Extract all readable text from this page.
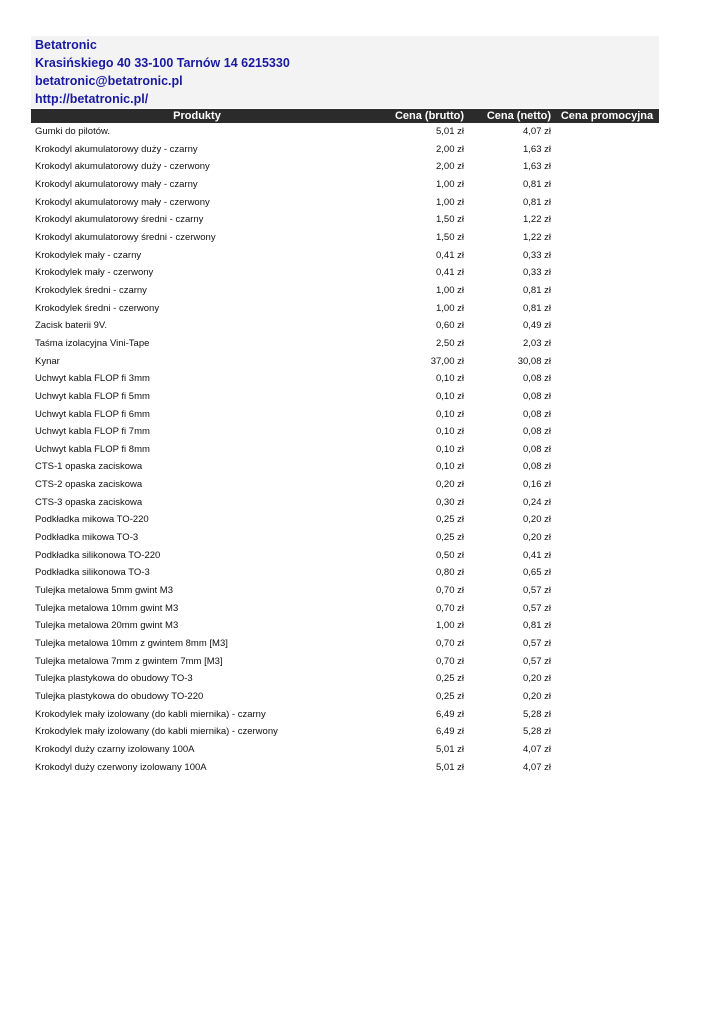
Betatronic
Krasińskiego 40 33-100 Tarnów 14 6215330
betatronic@betatronic.pl
http://betatronic.pl/
Produkty	Cena (brutto)	Cena (netto)	Cena promocyjna
Gumki do pilotów.	5,01 zł	4,07 zł	
Krokodyl akumulatorowy duży - czarny	2,00 zł	1,63 zł	
Krokodyl akumulatorowy duży - czerwony	2,00 zł	1,63 zł	
Krokodyl akumulatorowy mały - czarny	1,00 zł	0,81 zł	
Krokodyl akumulatorowy mały - czerwony	1,00 zł	0,81 zł	
Krokodyl akumulatorowy średni - czarny	1,50 zł	1,22 zł	
Krokodyl akumulatorowy średni - czerwony	1,50 zł	1,22 zł	
Krokodylek mały - czarny	0,41 zł	0,33 zł	
Krokodylek mały - czerwony	0,41 zł	0,33 zł	
Krokodylek średni - czarny	1,00 zł	0,81 zł	
Krokodylek średni - czerwony	1,00 zł	0,81 zł	
Zacisk baterii 9V.	0,60 zł	0,49 zł	
Taśma izolacyjna Vini-Tape	2,50 zł	2,03 zł	
Kynar	37,00 zł	30,08 zł	
Uchwyt kabla FLOP fi 3mm	0,10 zł	0,08 zł	
Uchwyt kabla FLOP fi 5mm	0,10 zł	0,08 zł	
Uchwyt kabla FLOP fi 6mm	0,10 zł	0,08 zł	
Uchwyt kabla FLOP fi 7mm	0,10 zł	0,08 zł	
Uchwyt kabla FLOP fi 8mm	0,10 zł	0,08 zł	
CTS-1 opaska zaciskowa	0,10 zł	0,08 zł	
CTS-2 opaska zaciskowa	0,20 zł	0,16 zł	
CTS-3 opaska zaciskowa	0,30 zł	0,24 zł	
Podkładka mikowa TO-220	0,25 zł	0,20 zł	
Podkładka mikowa TO-3	0,25 zł	0,20 zł	
Podkładka silikonowa TO-220	0,50 zł	0,41 zł	
Podkładka silikonowa TO-3	0,80 zł	0,65 zł	
Tulejka metalowa 5mm gwint M3	0,70 zł	0,57 zł	
Tulejka metalowa 10mm gwint M3	0,70 zł	0,57 zł	
Tulejka metalowa 20mm gwint M3	1,00 zł	0,81 zł	
Tulejka metalowa 10mm z gwintem 8mm [M3]	0,70 zł	0,57 zł	
Tulejka metalowa 7mm z gwintem 7mm [M3]	0,70 zł	0,57 zł	
Tulejka plastykowa do obudowy TO-3	0,25 zł	0,20 zł	
Tulejka plastykowa do obudowy TO-220	0,25 zł	0,20 zł	
Krokodylek mały izolowany (do kabli miernika) - czarny	6,49 zł	5,28 zł	
Krokodylek mały izolowany (do kabli miernika) - czerwony	6,49 zł	5,28 zł	
Krokodyl duży czarny izolowany 100A	5,01 zł	4,07 zł	
Krokodyl duży czerwony izolowany 100A	5,01 zł	4,07 zł	
